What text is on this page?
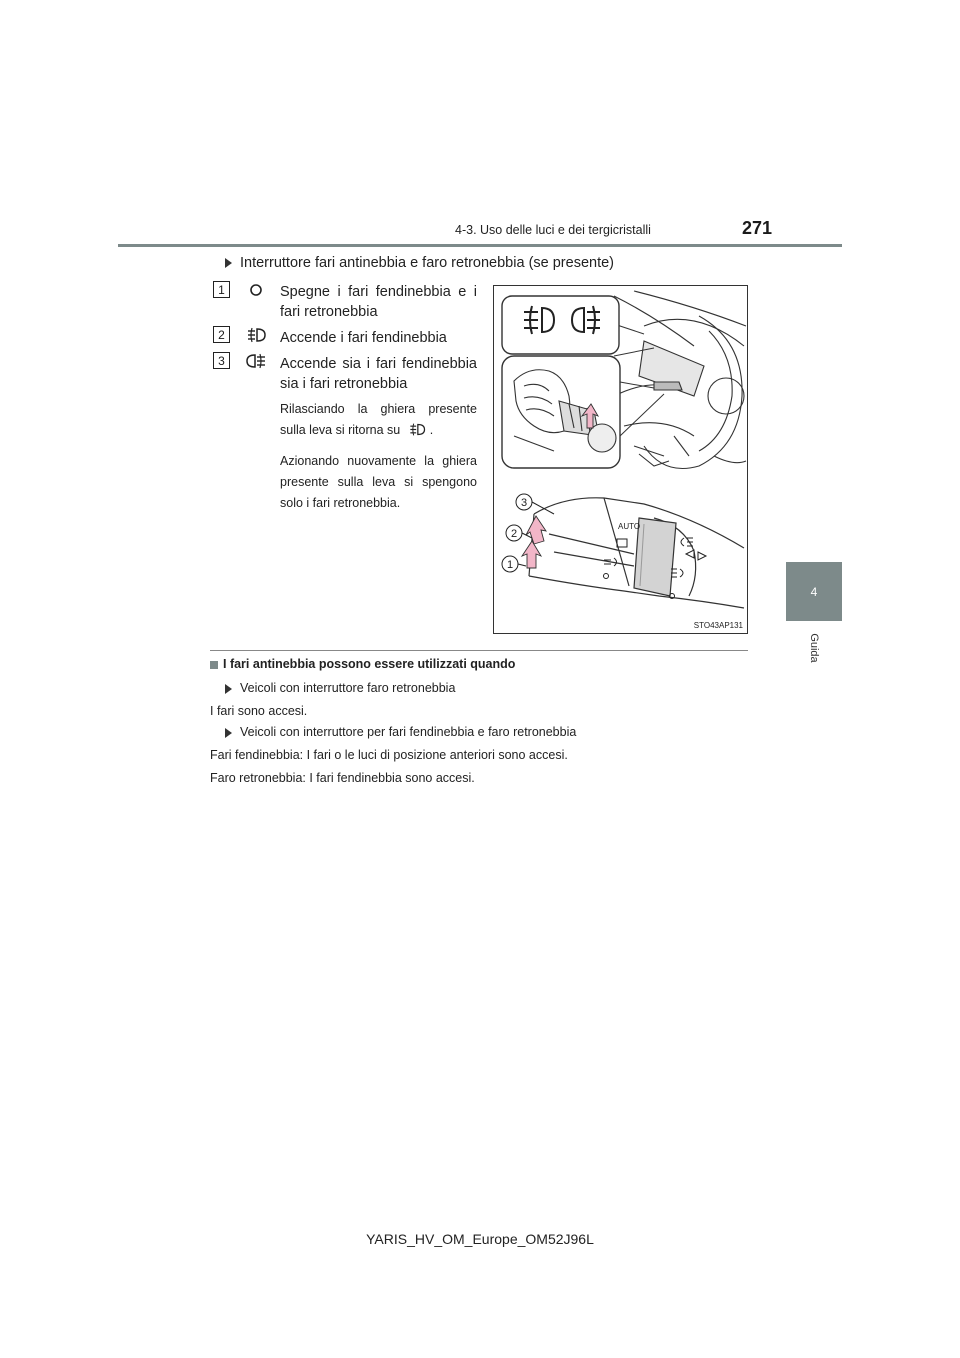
4-3. Uso delle luci e dei tergicristalli	271
4
Guida
Interruttore fari antinebbia e faro retronebbia (se presente)
1	Spegne i fari fendinebbia e i fari retronebbia
2	Accende i fari fendinebbia
3	Accende sia i fari fendinebbia sia i fari retronebbia
Rilasciando la ghiera presente sulla leva si ritorna su .
Azionando nuovamente la ghiera presente sulla leva si spengono solo i fari retronebbia.
AUTO
3
2
1
STO43AP131
I fari antinebbia possono essere utilizzati quando
Veicoli con interruttore faro retronebbia
I fari sono accesi.
Veicoli con interruttore per fari fendinebbia e faro retronebbia
Fari fendinebbia: I fari o le luci di posizione anteriori sono accesi.
Faro retronebbia: I fari fendinebbia sono accesi.
YARIS_HV_OM_Europe_OM52J96L
